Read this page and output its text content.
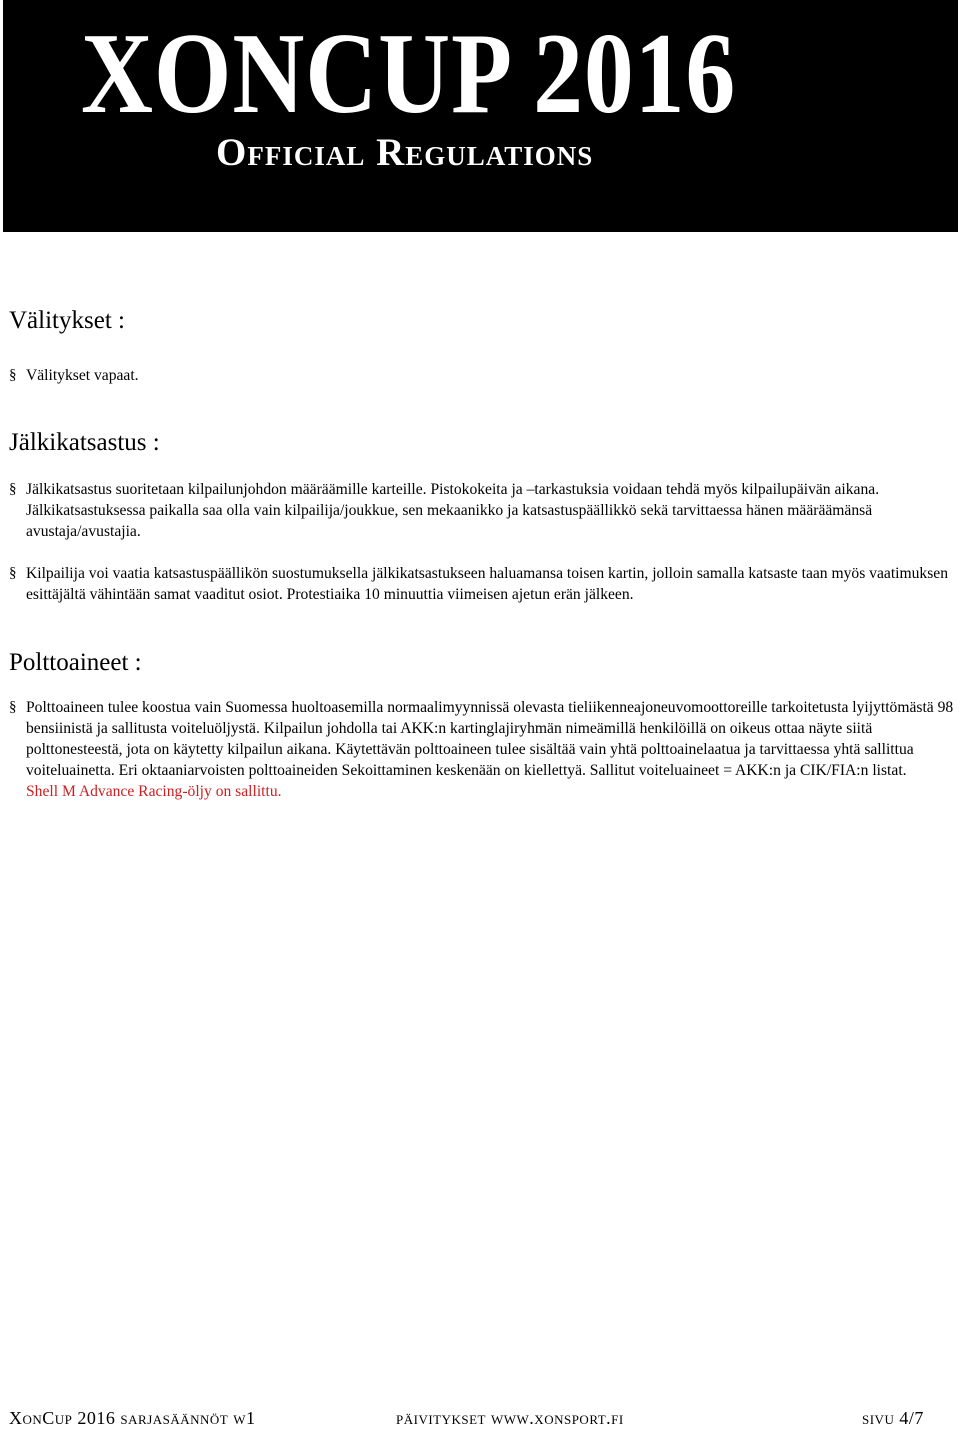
XONCUP 2016
Official Regulations
Välitykset :
§ Välitykset vapaat.

Jälkikatsastus :
§ Jälkikatsastus suoritetaan kilpailunjohdon määräämille karteille. Pistokokeita ja –tarkastuksia voidaan tehdä myös kilpailupäivän aikana. Jälkikatsastuksessa paikalla saa olla vain kilpailija/joukkue, sen mekaanikko ja katsastuspäällikkö sekä tarvittaessa hänen määräämänsä avustaja/avustajia.

§ Kilpailija voi vaatia katsastuspäällikön suostumuksella jälkikatsastukseen haluamansa toisen kartin, jolloin samalla katsaste taan myös vaatimuksen esittäjältä vähintään samat vaaditut osiot. Protestiaika 10 minuuttia viimeisen ajetun erän jälkeen.

Polttoaineet :
§ Polttoaineen tulee koostua vain Suomessa huoltoasemilla normaalimyynnissä olevasta tieliikenneajoneuvomoottoreille tarkoitetusta lyijyttömästä 98 bensiinistä ja sallitusta voiteluöljystä. Kilpailun johdolla tai AKK:n kartinglajiryhmän nimeämillä henkilöillä on oikeus ottaa näyte siitä polttonesteestä, jota on käytetty kilpailun aikana. Käytettävän polttoaineen tulee sisältää vain yhtä polttoainelaatua ja tarvittaessa yhtä sallittua voiteluainetta. Eri oktaaniarvoisten polttoaineiden Sekoittaminen keskenään on kiellettyä. Sallitut voiteluaineet = AKK:n ja CIK/FIA:n listat.

Shell M Advance Racing-öljy on sallittu.

XonCup 2016 sarjasäännöt w1	päivitykset www.xonsport.fi	sivu 4/7
